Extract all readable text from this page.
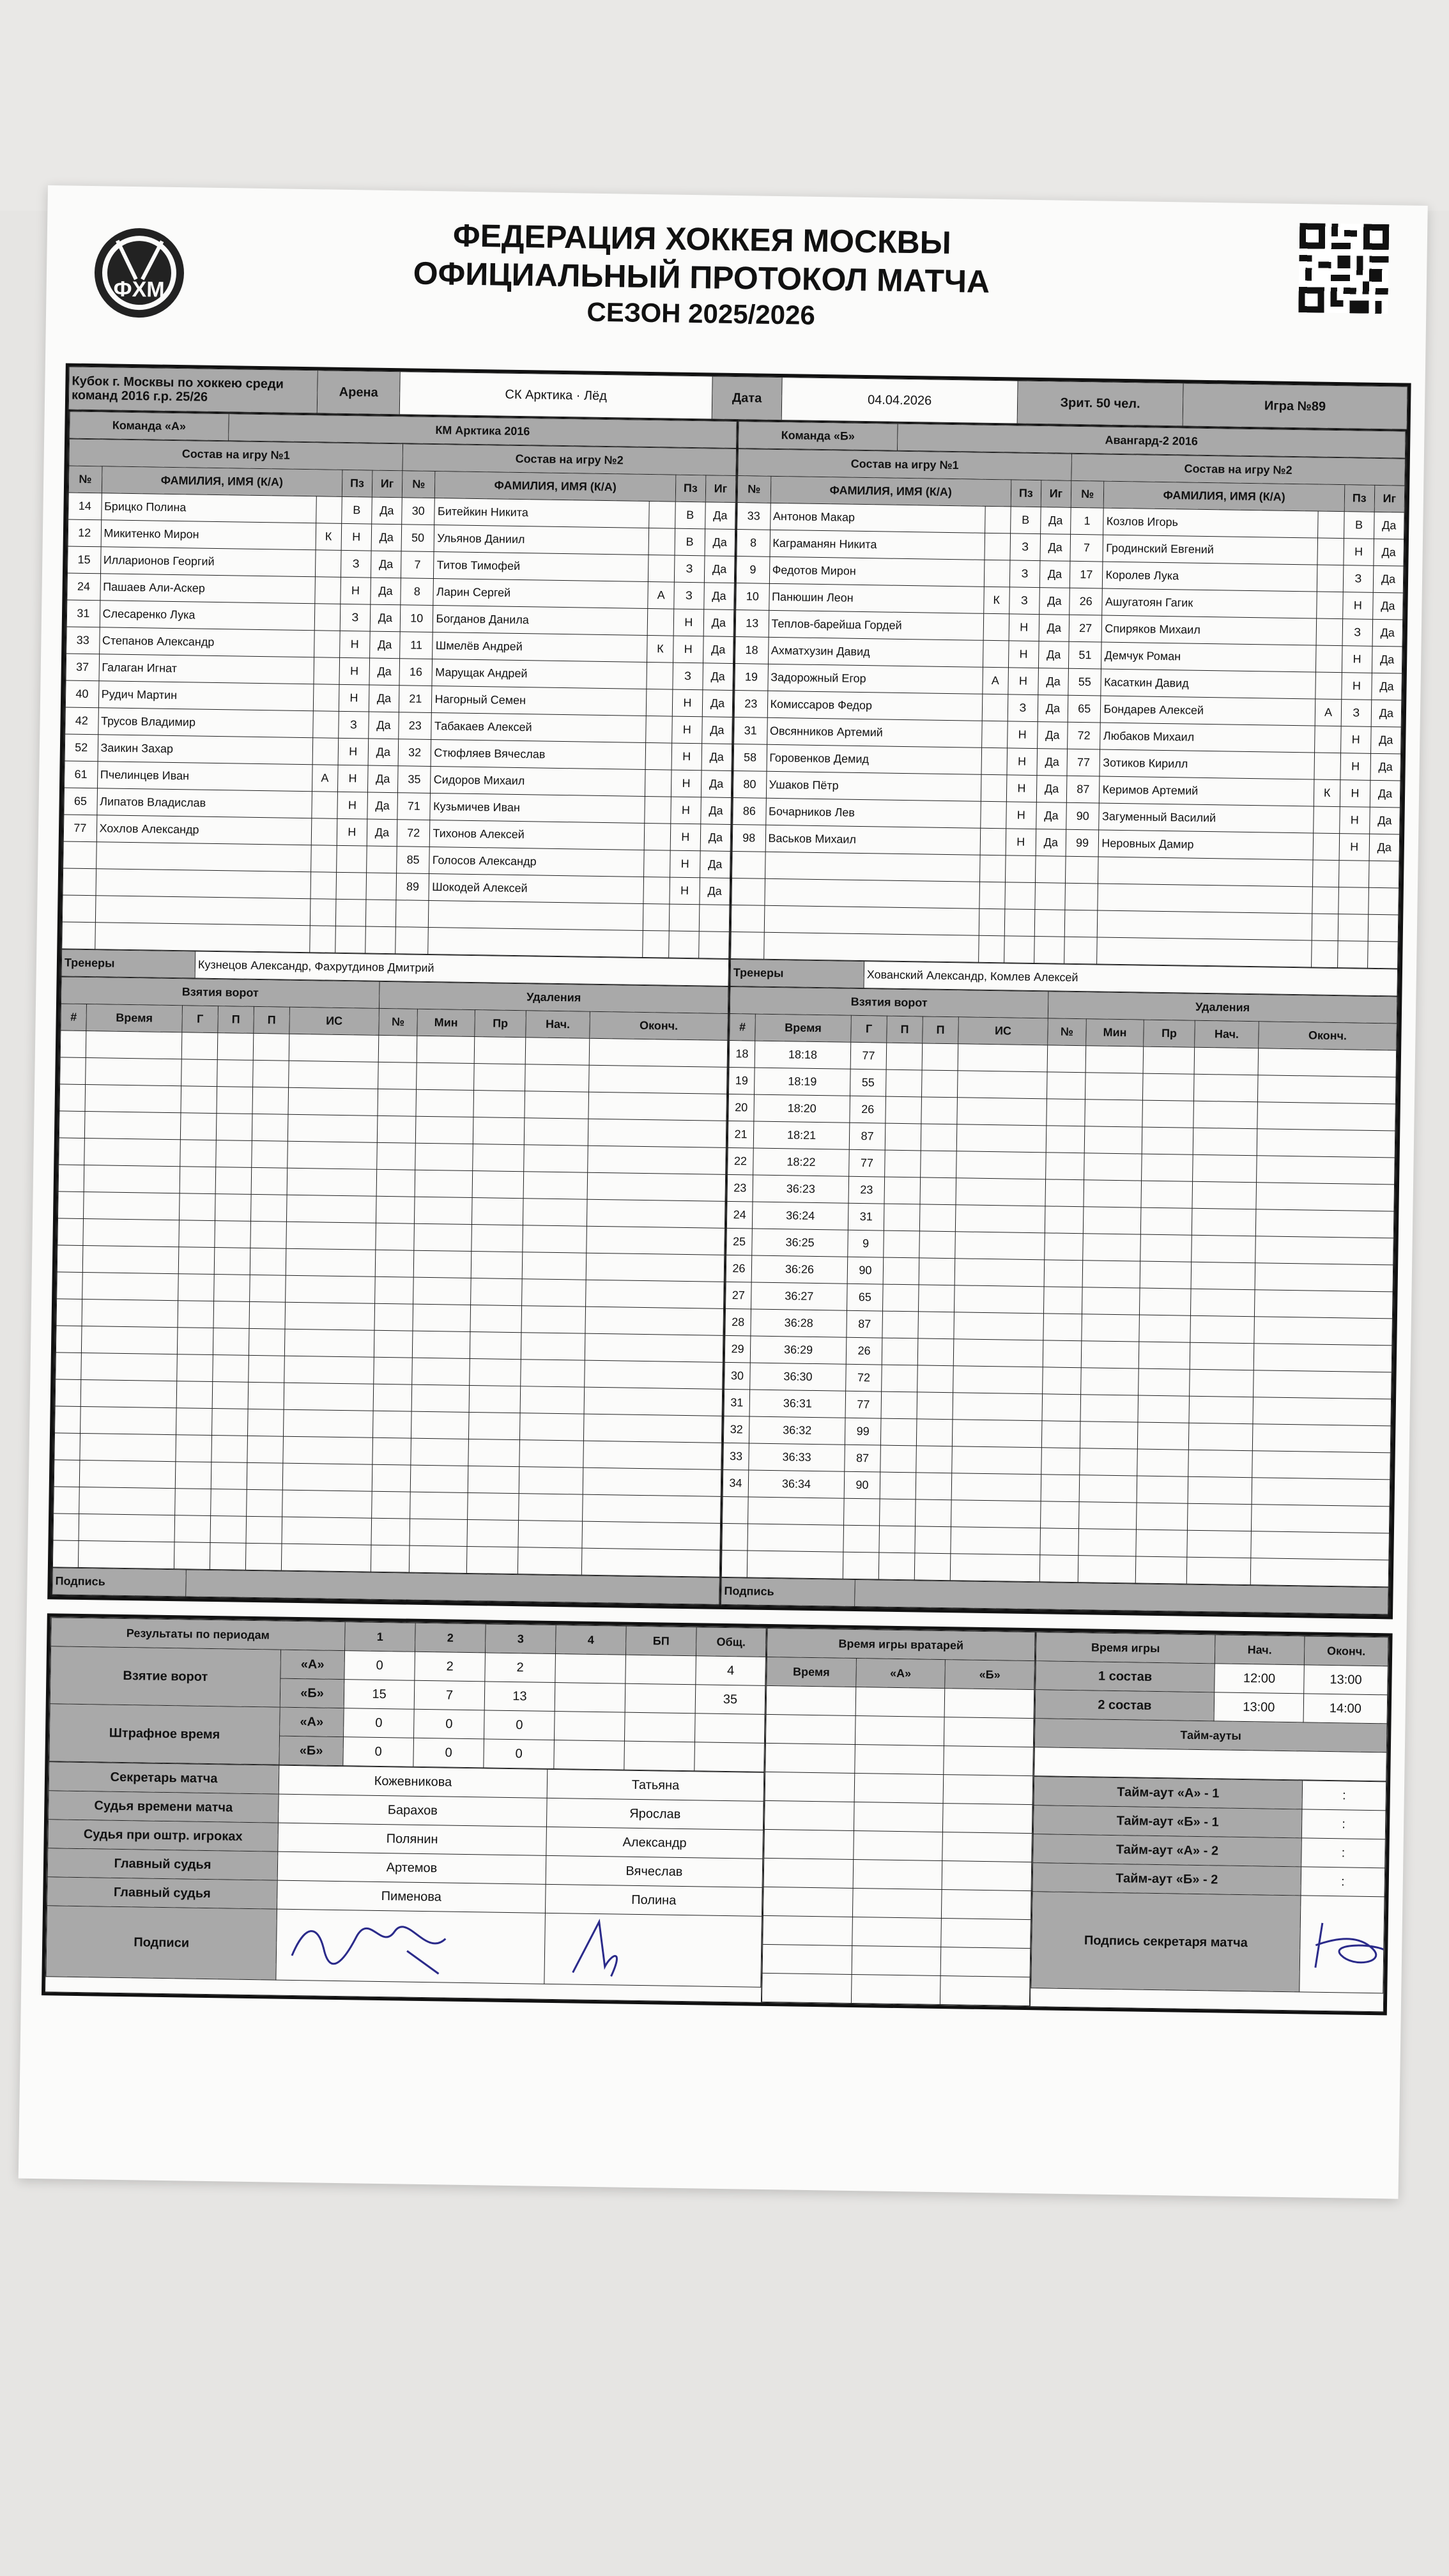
ФХМ
ФЕДЕРАЦИЯ ХОККЕЯ МОСКВЫ
ОФИЦИАЛЬНЫЙ ПРОТОКОЛ МАТЧА
СЕЗОН 2025/2026
Кубок г. Москвы по хоккею среди команд 2016 г.р. 25/26	Арена	СК Арктика · Лёд	Дата	04.04.2026	Зрит. 50 чел.	Игра №89
Команда «А»	КМ Арктика 2016
Состав на игру №1	Состав на игру №2
№	ФАМИЛИЯ, ИМЯ (К/А)	Пз	Иг	№	ФАМИЛИЯ, ИМЯ (К/А)	Пз	Иг
14	Брицко Полина		В	Да	30	Битейкин Никита		В	Да
12	Микитенко Мирон	К	Н	Да	50	Ульянов Даниил		В	Да
15	Илларионов Георгий		З	Да	7	Титов Тимофей		З	Да
24	Пашаев Али-Аскер		Н	Да	8	Ларин Сергей	А	З	Да
31	Слесаренко Лука		З	Да	10	Богданов Данила		Н	Да
33	Степанов Александр		Н	Да	11	Шмелёв Андрей	К	Н	Да
37	Галаган Игнат		Н	Да	16	Марущак Андрей		З	Да
40	Рудич Мартин		Н	Да	21	Нагорный Семен		Н	Да
42	Трусов Владимир		З	Да	23	Табакаев Алексей		Н	Да
52	Заикин Захар		Н	Да	32	Стюфляев Вячеслав		Н	Да
61	Пчелинцев Иван	А	Н	Да	35	Сидоров Михаил		Н	Да
65	Липатов Владислав		Н	Да	71	Кузьмичев Иван		Н	Да
77	Хохлов Александр		Н	Да	72	Тихонов Алексей		Н	Да
					85	Голосов Александр		Н	Да
					89	Шокодей Алексей		Н	Да

Тренеры	Кузнецов Александр, Фахрутдинов Дмитрий
Взятия ворот	Удаления
#	Время	Г	П	П	ИС	№	Мин	Пр	Нач.	Оконч.

Подпись	

Команда «Б»	Авангард-2 2016
Состав на игру №1	Состав на игру №2
№	ФАМИЛИЯ, ИМЯ (К/А)	Пз	Иг	№	ФАМИЛИЯ, ИМЯ (К/А)	Пз	Иг
33	Антонов Макар		В	Да	1	Козлов Игорь		В	Да
8	Каграманян Никита		З	Да	7	Гродинский Евгений		Н	Да
9	Федотов Мирон		З	Да	17	Королев Лука		З	Да
10	Панюшин Леон	К	З	Да	26	Ашугатоян Гагик		Н	Да
13	Теплов-барейша Гордей		Н	Да	27	Спиряков Михаил		З	Да
18	Ахматхузин Давид		Н	Да	51	Демчук Роман		Н	Да
19	Задорожный Егор	А	Н	Да	55	Касаткин Давид		Н	Да
23	Комиссаров Федор		З	Да	65	Бондарев Алексей	А	З	Да
31	Овсянников Артемий		Н	Да	72	Любаков Михаил		Н	Да
58	Горовенков Демид		Н	Да	77	Зотиков Кирилл		Н	Да
80	Ушаков Пётр		Н	Да	87	Керимов Артемий	К	Н	Да
86	Бочарников Лев		Н	Да	90	Загуменный Василий		Н	Да
98	Васьков Михаил		Н	Да	99	Неровных Дамир		Н	Да

Тренеры	Хованский Александр, Комлев Алексей
Взятия ворот	Удаления
#	Время	Г	П	П	ИС	№	Мин	Пр	Нач.	Оконч.
18	18:18	77								
19	18:19	55								
20	18:20	26								
21	18:21	87								
22	18:22	77								
23	36:23	23								
24	36:24	31								
25	36:25	9								
26	36:26	90								
27	36:27	65								
28	36:28	87								
29	36:29	26								
30	36:30	72								
31	36:31	77								
32	36:32	99								
33	36:33	87								
34	36:34	90								

Подпись	
Результаты по периодам	1	2	3	4	БП	Общ.
Взятие ворот	«А»	0	2	2			4
«Б»	15	7	13			35
Штрафное время	«А»	0	0	0			
«Б»	0	0	0			
Секретарь матча	Кожевникова	Татьяна
Судья времени матча	Барахов	Ярослав
Судья при оштр. игроках	Полянин	Александр
Главный судья	Артемов	Вячеслав
Главный судья	Пименова	Полина
Подписи		

Время игры вратарей
Время	«А»	«Б»

Время игры	Нач.	Оконч.
1 состав	12:00	13:00
2 состав	13:00	14:00
Тайм-ауты

Тайм-аут «А» - 1	:
Тайм-аут «Б» - 1	:
Тайм-аут «А» - 2	:
Тайм-аут «Б» - 2	:
Подпись секретаря матча	
